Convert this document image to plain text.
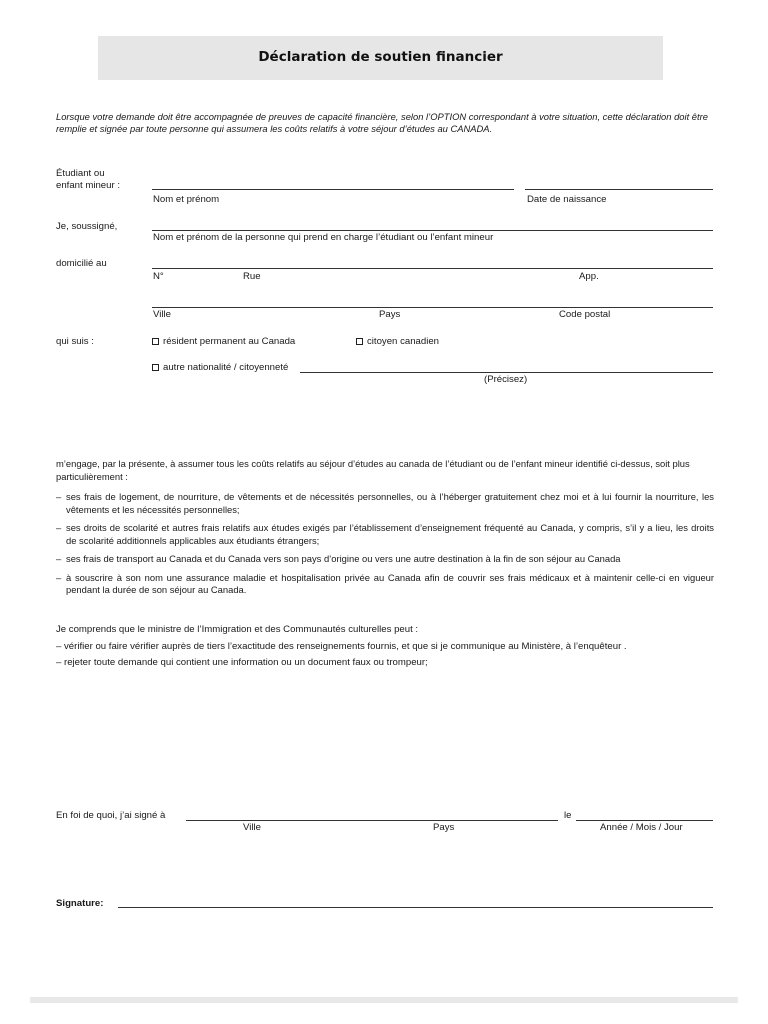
Déclaration de soutien financier
Lorsque votre demande doit être accompagnée de preuves de capacité financière, selon l’OPTION correspondant à votre situation, cette déclaration doit être remplie et signée par toute personne qui assumera les coûts relatifs à votre séjour d’études au CANADA.
Étudiant ou
enfant mineur :
Nom et prénom	Date de naissance
Je, soussigné,
Nom et prénom de la personne qui prend en charge l’étudiant ou l’enfant mineur
domicilié au
N°	Rue	App.
Ville	Pays	Code postal
qui suis :	résident permanent au Canada	citoyen canadien
autre nationalité / citoyenneté
(Précisez)
m’engage, par la présente, à assumer tous les coûts relatifs au séjour d’études au canada de l’étudiant ou de l’enfant mineur identifié ci-dessus, soit plus particulièrement :
– ses frais de logement, de nourriture, de vêtements et de nécessités personnelles, ou à l’héberger gratuitement chez moi et à lui fournir la nourriture, les vêtements et les nécessités personnelles;
– ses droits de scolarité et autres frais relatifs aux études exigés par l’établissement d’enseignement fréquenté au Canada, y compris, s’il y a lieu, les droits de scolarité additionnels applicables aux étudiants étrangers;
– ses frais de transport au Canada et du Canada vers son pays d’origine ou vers une autre destination à la fin de son séjour au Canada
– à souscrire à son nom une assurance maladie et hospitalisation privée au Canada afin de couvrir ses frais médicaux et à maintenir celle-ci en vigueur pendant la durée de son séjour au Canada.
Je comprends que le ministre de l’Immigration et des Communautés culturelles peut :
– vérifier ou faire vérifier auprès de tiers l’exactitude des renseignements fournis, et que si je communique au Ministère, à l’enquêteur .
– rejeter toute demande qui contient une information ou un document faux ou trompeur;
En foi de quoi, j’ai signé à	le
Ville	Pays	Année / Mois / Jour
Signature:
